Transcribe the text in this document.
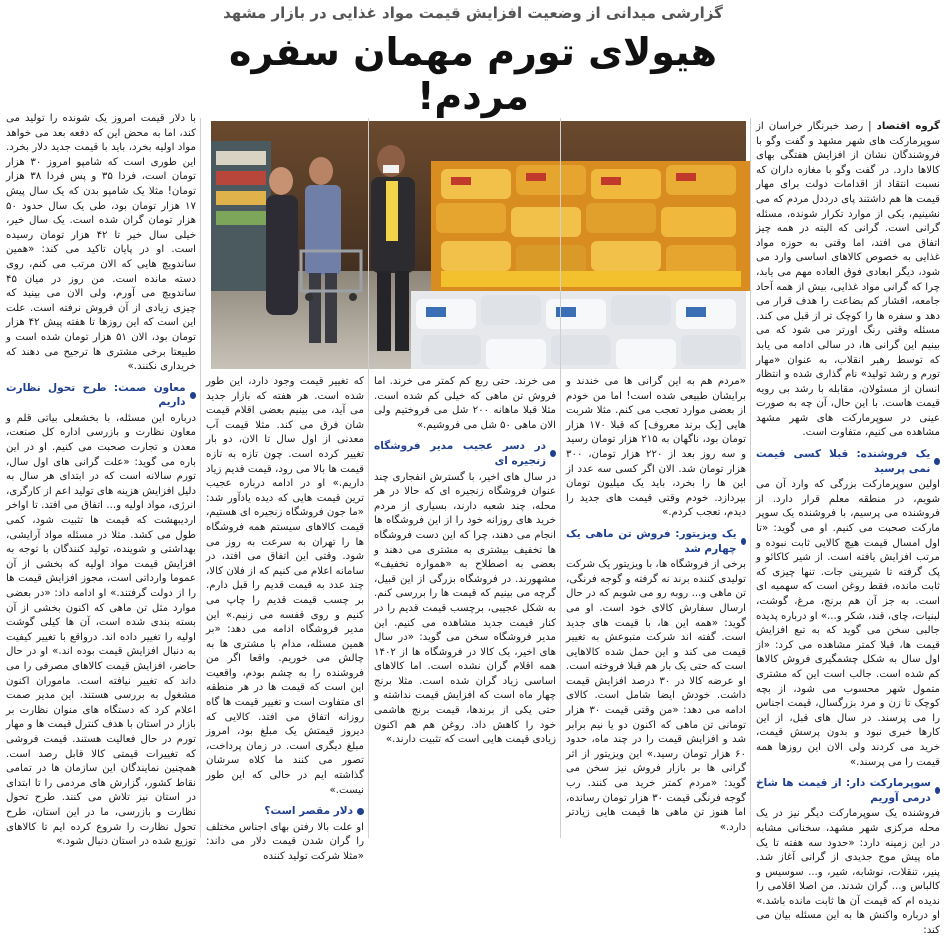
گزارشی میدانی از وضعیت افزایش قیمت مواد غذایی در بازار مشهد
هیولای تورم مهمان سفره مردم!

گروه اقتصاد | رصد خبرنگار خراسان از سوپرمارکت های شهر مشهد و گفت وگو با فروشندگان نشان از افزایش هفتگی بهای کالاها دارد. در گفت وگو با مغازه داران که نسبت انتقاد از اقدامات دولت برای مهار قیمت ها هم داشتند پای درددل مردم که می نشینیم، یکی از موارد تکرار شونده، مسئله گرانی است. گرانی که البته در همه چیز اتفاق می افتد، اما وقتی به حوزه مواد غذایی به خصوص کالاهای اساسی وارد می شود، دیگر ابعادی فوق العاده مهم می یابد، چرا که گرانی مواد غذایی، بیش از همه آحاد جامعه، اقشار کم بضاعت را هدف قرار می دهد و سفره ها را کوچک تر از قبل می کند. مسئله وقتی رنگ اورتر می شود که می بینیم این گرانی ها، در سالی ادامه می یابد که توسط رهبر انقلاب، به عنوان «مهار تورم و رشد تولید» نام گذاری شده و انتظار انسان از مسئولان، مقابله با رشد بی رویه قیمت هاست. با این حال، آن چه به صورت عینی در سوپرمارکت های شهر مشهد مشاهده می کنیم، متفاوت است.

یک فروشنده: قبلا کسی قیمت نمی پرسید

اولین سوپرمارکت بزرگی که وارد آن می شویم، در منطقه معلم قرار دارد. از فروشنده می پرسیم، با فروشنده یک سوپر مارکت صحبت می کنیم. او می گوید: «تا اول امسال قیمت هیچ کالایی ثابت نبوده و مرتب افزایش یافته است. از شیر کاکائو و پک گرفته تا شیرینی جات. تنها چیزی که ثابت مانده، فقط روغن است که سهمیه ای است. به جز آن هم برنج، مرغ، گوشت، لبنیات، چای، قند، شکر و...» او درباره پدیده جالبی سخن می گوید که به تبع افزایش قیمت ها، قبلا کمتر مشاهده می کرد: «از اول سال به شکل چشمگیری فروش کالاها کم شده است. جالب است این که مشتری متمول شهر محسوب می شود، از بچه کوچک تا زن و مرد بزرگسال، قیمت اجناس را می پرسند. در سال های قبل، از این کارها خبری نبود و بدون پرسش قیمت، خرید می کردند ولی الان این روزها همه قیمت را می پرسند.»

سوپرمارکت دار: از قیمت ها شاخ درمی آوریم

فروشنده یک سوپرمارکت دیگر نیز در یک محله مرکزی شهر مشهد، سخنانی مشابه در این زمینه دارد: «حدود سه هفته تا یک ماه پیش موج جدیدی از گرانی آغاز شد. پنیر، تنقلات، نوشابه، شیر، و... سوسیس و کالباس و... گران شدند. من اصلا اقلامی را ندیده ام که قیمت آن ها ثابت مانده باشد.» او درباره واکنش ها به این مسئله بیان می کند:

«مردم هم به این گرانی ها می خندند و برایشان طبیعی شده است! اما من خودم از بعضی موارد تعجب می کنم. مثلا شربت هایی [یک برند معروف] که قبلا ۱۷۰ هزار تومان بود، ناگهان به ۲۱۵ هزار تومان رسید و سه روز بعد از ۲۲۰ هزار تومان، ۳۰۰ هزار تومان شد. الان اگر کسی سه عدد از این ها را بخرد، باید یک میلیون تومان بپردازد. خودم وقتی قیمت های جدید را دیدم، تعجب کردم.»

یک ویزیتور: فروش تن ماهی یک چهارم شد

برخی از فروشگاه ها، با ویزیتور یک شرکت تولیدی کننده برند نه گرفته و گوجه فرنگی، تن ماهی و... روبه رو می شویم که در حال ارسال سفارش کالای خود است. او می گوید: «همه این ها، با قیمت های جدید است. گفته اند شرکت متبوعش به تغییر قیمت می کند و این حمل شده کالاهایی است که حتی یک بار هم قبلا فروخته است. او عرضه کالا در ۳۰ درصد افزایش قیمت داشت. خودش ایضا شامل است. کالای ادامه می دهد: «من وقتی قیمت ۳۰ هزار تومانی تن ماهی که اکنون دو یا نیم برابر شد و افزایش قیمت را در چند ماه، حدود ۶۰ هزار تومان رسید.» این ویزیتور از اثر گرانی ها بر بازار فروش نیز سخن می گوید: «مردم کمتر خرید می کنند. رب گوجه فرنگی قیمت ۳۰ هزار تومان رسانده، اما هنوز تن ماهی ها قیمت هایی زیادتر دارد.»

می خرند. حتی ربع کم کمتر می خرند. اما فروش تن ماهی که خیلی کم شده است. مثلا قبلا ماهانه ۲۰۰ شل می فروختیم ولی الان ماهی ۵۰ شل می فروشیم.»

در دسر عجیب مدیر فروشگاه زنجیره ای

در سال های اخیر، با گسترش انفجاری چند عنوان فروشگاه زنجیره ای که حالا در هر محله، چند شعبه دارند، بسیاری از مردم خرید های روزانه خود را از این فروشگاه ها انجام می دهند، چرا که این دست فروشگاه ها تخفیف بیشتری به مشتری می دهند و بعضی به اصطلاح به «همواره تخفیف» مشهورند. در فروشگاه بزرگی از این قبیل، گرچه می بینیم که قیمت ها را بررسی کنم. به شکل عجیبی، برچسب قیمت قدیم را در کنار قیمت جدید مشاهده می کنیم. این مدیر فروشگاه سخن می گوید: «در سال های اخیر، یک کالا در فروشگاه ها از ۱۴۰۲ همه اقلام گران نشده است. اما کالاهای اساسی زیاد گران شده است. مثلا برنج چهار ماه است که افزایش قیمت نداشته و حتی یکی از برندها، قیمت برنج هاشمی خود را کاهش داد. روغن هم هم اکنون زیادی قیمت هایی است که تثبیت دارند.»

که تغییر قیمت وجود دارد، این طور شده است. هر هفته که بازار جدید می آید، می بینیم بعضی اقلام قیمت شان فرق می کند. مثلا قیمت آب معدنی از اول سال تا الان، دو بار تغییر کرده است. چون تازه به تازه قیمت ها بالا می رود، قیمت قدیم زیاد داریم.» او در ادامه درباره عجیب ترین قیمت هایی که دیده یادآور شد: «ما جون فروشگاه زنجیره ای هستیم، قیمت کالاهای سیستم همه فروشگاه ها را تهران به سرعت به روز می شود. وقتی این اتفاق می افتد، در سامانه اعلام می کنیم که از فلان کالا، چند عدد به قیمت قدیم را قبل دارم. بر چسب قیمت قدیم را چاپ می کنیم و روی قفسه می زنیم.» این مدیر فروشگاه ادامه می دهد: «بر همین مسئله، مدام با مشتری ها به چالش می خوریم. واقعا اگر من فروشنده را به چشم بودم، واقعیت این است که قیمت ها در هر منطقه ای متفاوت است و تغییر قیمت ها گاه روزانه اتفاق می افتد. کالایی که دیروز قیمتش یک مبلغ بود، امروز مبلغ دیگری است. در زمان پرداخت، تصور می کنند ما کلاه سرشان گذاشته ایم در حالی که این طور نیست.»

دلار مقصر است؟

او علت بالا رفتن بهای اجناس مختلف را گران شدن قیمت دلار می داند: «مثلا شرکت تولید کننده

با دلار قیمت امروز یک شونده را تولید می کند، اما به محض این که دفعه بعد می خواهد مواد اولیه بخرد، باید با قیمت جدید دلار بخرد. این طوری است که شامپو امروز ۳۰ هزار تومان است، فردا ۳۵ و پس فردا ۳۸ هزار تومان! مثلا یک شامپو بدن که یک سال پیش ۱۷ هزار تومان بود، طی یک سال حدود ۵۰ هزار تومان گران شده است. یک سال خیر، خیلی سال خیر تا ۴۲ هزار تومان رسیده است. او در پایان تاکید می کند: «همین ساندویچ هایی که الان مرتب می کنم، روی دسته مانده است. من روز در میان ۴۵ ساندویچ می آورم، ولی الان می بینید که چیزی زیادی از آن فروش نرفته است. علت این است که این روزها تا هفته پیش ۴۲ هزار تومان بود، الان ۵۱ هزار تومان شده است و طبیعتا برخی مشتری ها ترجیح می دهند که خریداری نکنند.»

معاون صمت: طرح تحول نظارت داریم

درباره این مسئله، با بخشعلی بیاتی قلم و معاون نظارت و بازرسی اداره کل صنعت، معدن و تجارت صحبت می کنیم. او در این باره می گوید: «علت گرانی های اول سال، تورم سالانه است که در ابتدای هر سال به دلیل افزایش هزینه های تولید اعم از کارگری، انرژی، مواد اولیه و... اتفاق می افتد. تا اواخر اردیبهشت که قیمت ها تثبیت شود، کمی طول می کشد. مثلا در مسئله مواد آرایشی، بهداشتی و شوینده، تولید کنندگان با توجه به افزایش قیمت مواد اولیه که بخشی از آن عموما وارداتی است، مجوز افزایش قیمت ها را از دولت گرفتند.» او ادامه داد: «در بعضی موارد مثل تن ماهی که اکنون بخشی از آن بسته بندی شده است، آن ها کیلی گوشت اولیه را تغییر داده اند. درواقع با تغییر کیفیت به دنبال افزایش قیمت بوده اند.» او در حال حاضر، افزایش قیمت کالاهای مصرفی را می داند که تغییر نیافته است. ماموران اکنون مشغول به بررسی هستند. این مدیر صمت اعلام کرد که دستگاه های منوان نظارت بر بازار در استان با هدف کنترل قیمت ها و مهار تورم در حال فعالیت هستند. قیمت فروشی که تغییرات قیمتی کالا قابل رصد است. همچنین نمایندگان این سازمان ها در تمامی نقاط کشور، گزارش های مردمی را تا ابتدای در استان نیز تلاش می کنند. طرح تحول نظارت و بازرسی، ما در این استان، طرح تحول نظارت را شروع کرده ایم تا کالاهای توزیع شده در استان دنبال شود.»
